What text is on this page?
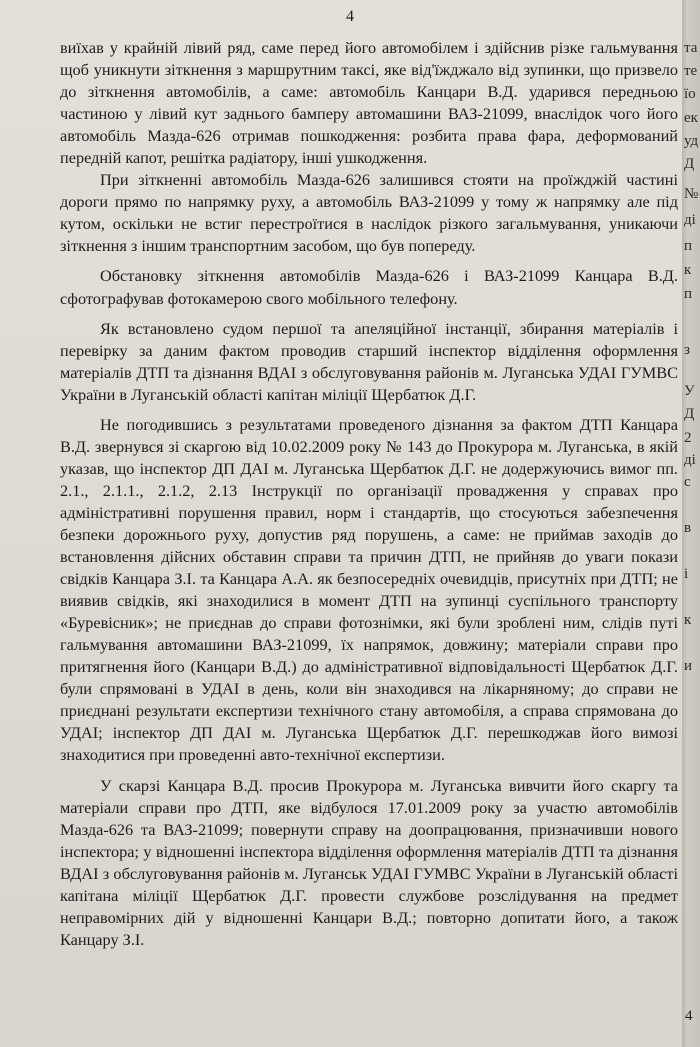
4

виїхав у крайній лівий ряд, саме перед його автомобілем і здійснив різке гальмування щоб уникнути зіткнення з маршрутним таксі, яке від'їжджало від зупинки, що призвело до зіткнення автомобілів, а саме: автомобіль Канцари В.Д. ударився передньою частиною у лівий кут заднього бамперу автомашини ВАЗ-21099, внаслідок чого його автомобіль Мазда-626 отримав пошкодження: розбита права фара, деформований передній капот, решітка радіатору, інші ушкодження.

При зіткненні автомобіль Мазда-626 залишився стояти на проїжджій частині дороги прямо по напрямку руху, а автомобіль ВАЗ-21099 у тому ж напрямку але під кутом, оскільки не встиг перестроїтися в наслідок різкого загальмування, уникаючи зіткнення з іншим транспортним засобом, що був попереду.

Обстановку зіткнення автомобілів Мазда-626 і ВАЗ-21099 Канцара В.Д. сфотографував фотокамерою свого мобільного телефону.

Як встановлено судом першої та апеляційної інстанції, збирання матеріалів і перевірку за даним фактом проводив старший інспектор відділення оформлення матеріалів ДТП та дізнання ВДАІ з обслуговування районів м. Луганська УДАІ ГУМВС України в Луганській області капітан міліції Щербатюк Д.Г.

Не погодившись з результатами проведеного дізнання за фактом ДТП Канцара В.Д. звернувся зі скаргою від 10.02.2009 року № 143 до Прокурора м. Луганська, в якій указав, що інспектор ДП ДАІ м. Луганська Щербатюк Д.Г. не додержуючись вимог пп. 2.1., 2.1.1., 2.1.2, 2.13 Інструкції по організації провадження у справах про адміністративні порушення правил, норм і стандартів, що стосуються забезпечення безпеки дорожнього руху, допустив ряд порушень, а саме: не приймав заходів до встановлення дійсних обставин справи та причин ДТП, не прийняв до уваги покази свідків Канцара З.І. та Канцара А.А. як безпосередніх очевидців, присутніх при ДТП; не виявив свідків, які знаходилися в момент ДТП на зупинці суспільного транспорту «Буревісник»; не приєднав до справи фотознімки, які були зроблені ним, слідів путі гальмування автомашини ВАЗ-21099, їх напрямок, довжину; матеріали справи про притягнення його (Канцари В.Д.) до адміністративної відповідальності Щербатюк Д.Г. були спрямовані в УДАІ в день, коли він знаходився на лікарняному; до справи не приєднані результати експертизи технічного стану автомобіля, а справа спрямована до УДАІ; інспектор ДП ДАІ м. Луганська Щербатюк Д.Г. перешкоджав його вимозі знаходитися при проведенні авто-технічної експертизи.

У скарзі Канцара В.Д. просив Прокурора м. Луганська вивчити його скаргу та матеріали справи про ДТП, яке відбулося 17.01.2009 року за участю автомобілів Мазда-626 та ВАЗ-21099; повернути справу на доопрацювання, призначивши нового інспектора; у відношенні інспектора відділення оформлення матеріалів ДТП та дізнання ВДАІ з обслуговування районів м. Луганськ УДАІ ГУМВС України в Луганській області капітана міліції Щербатюк Д.Г. провести службове розслідування на предмет неправомірних дій у відношенні Канцари В.Д.; повторно допитати його, а також Канцару З.І.

та
те
їо
ек
уд
Д
№
ді
п
к
п
з
У
Д
2
ді
с
в
і
к
и
4
